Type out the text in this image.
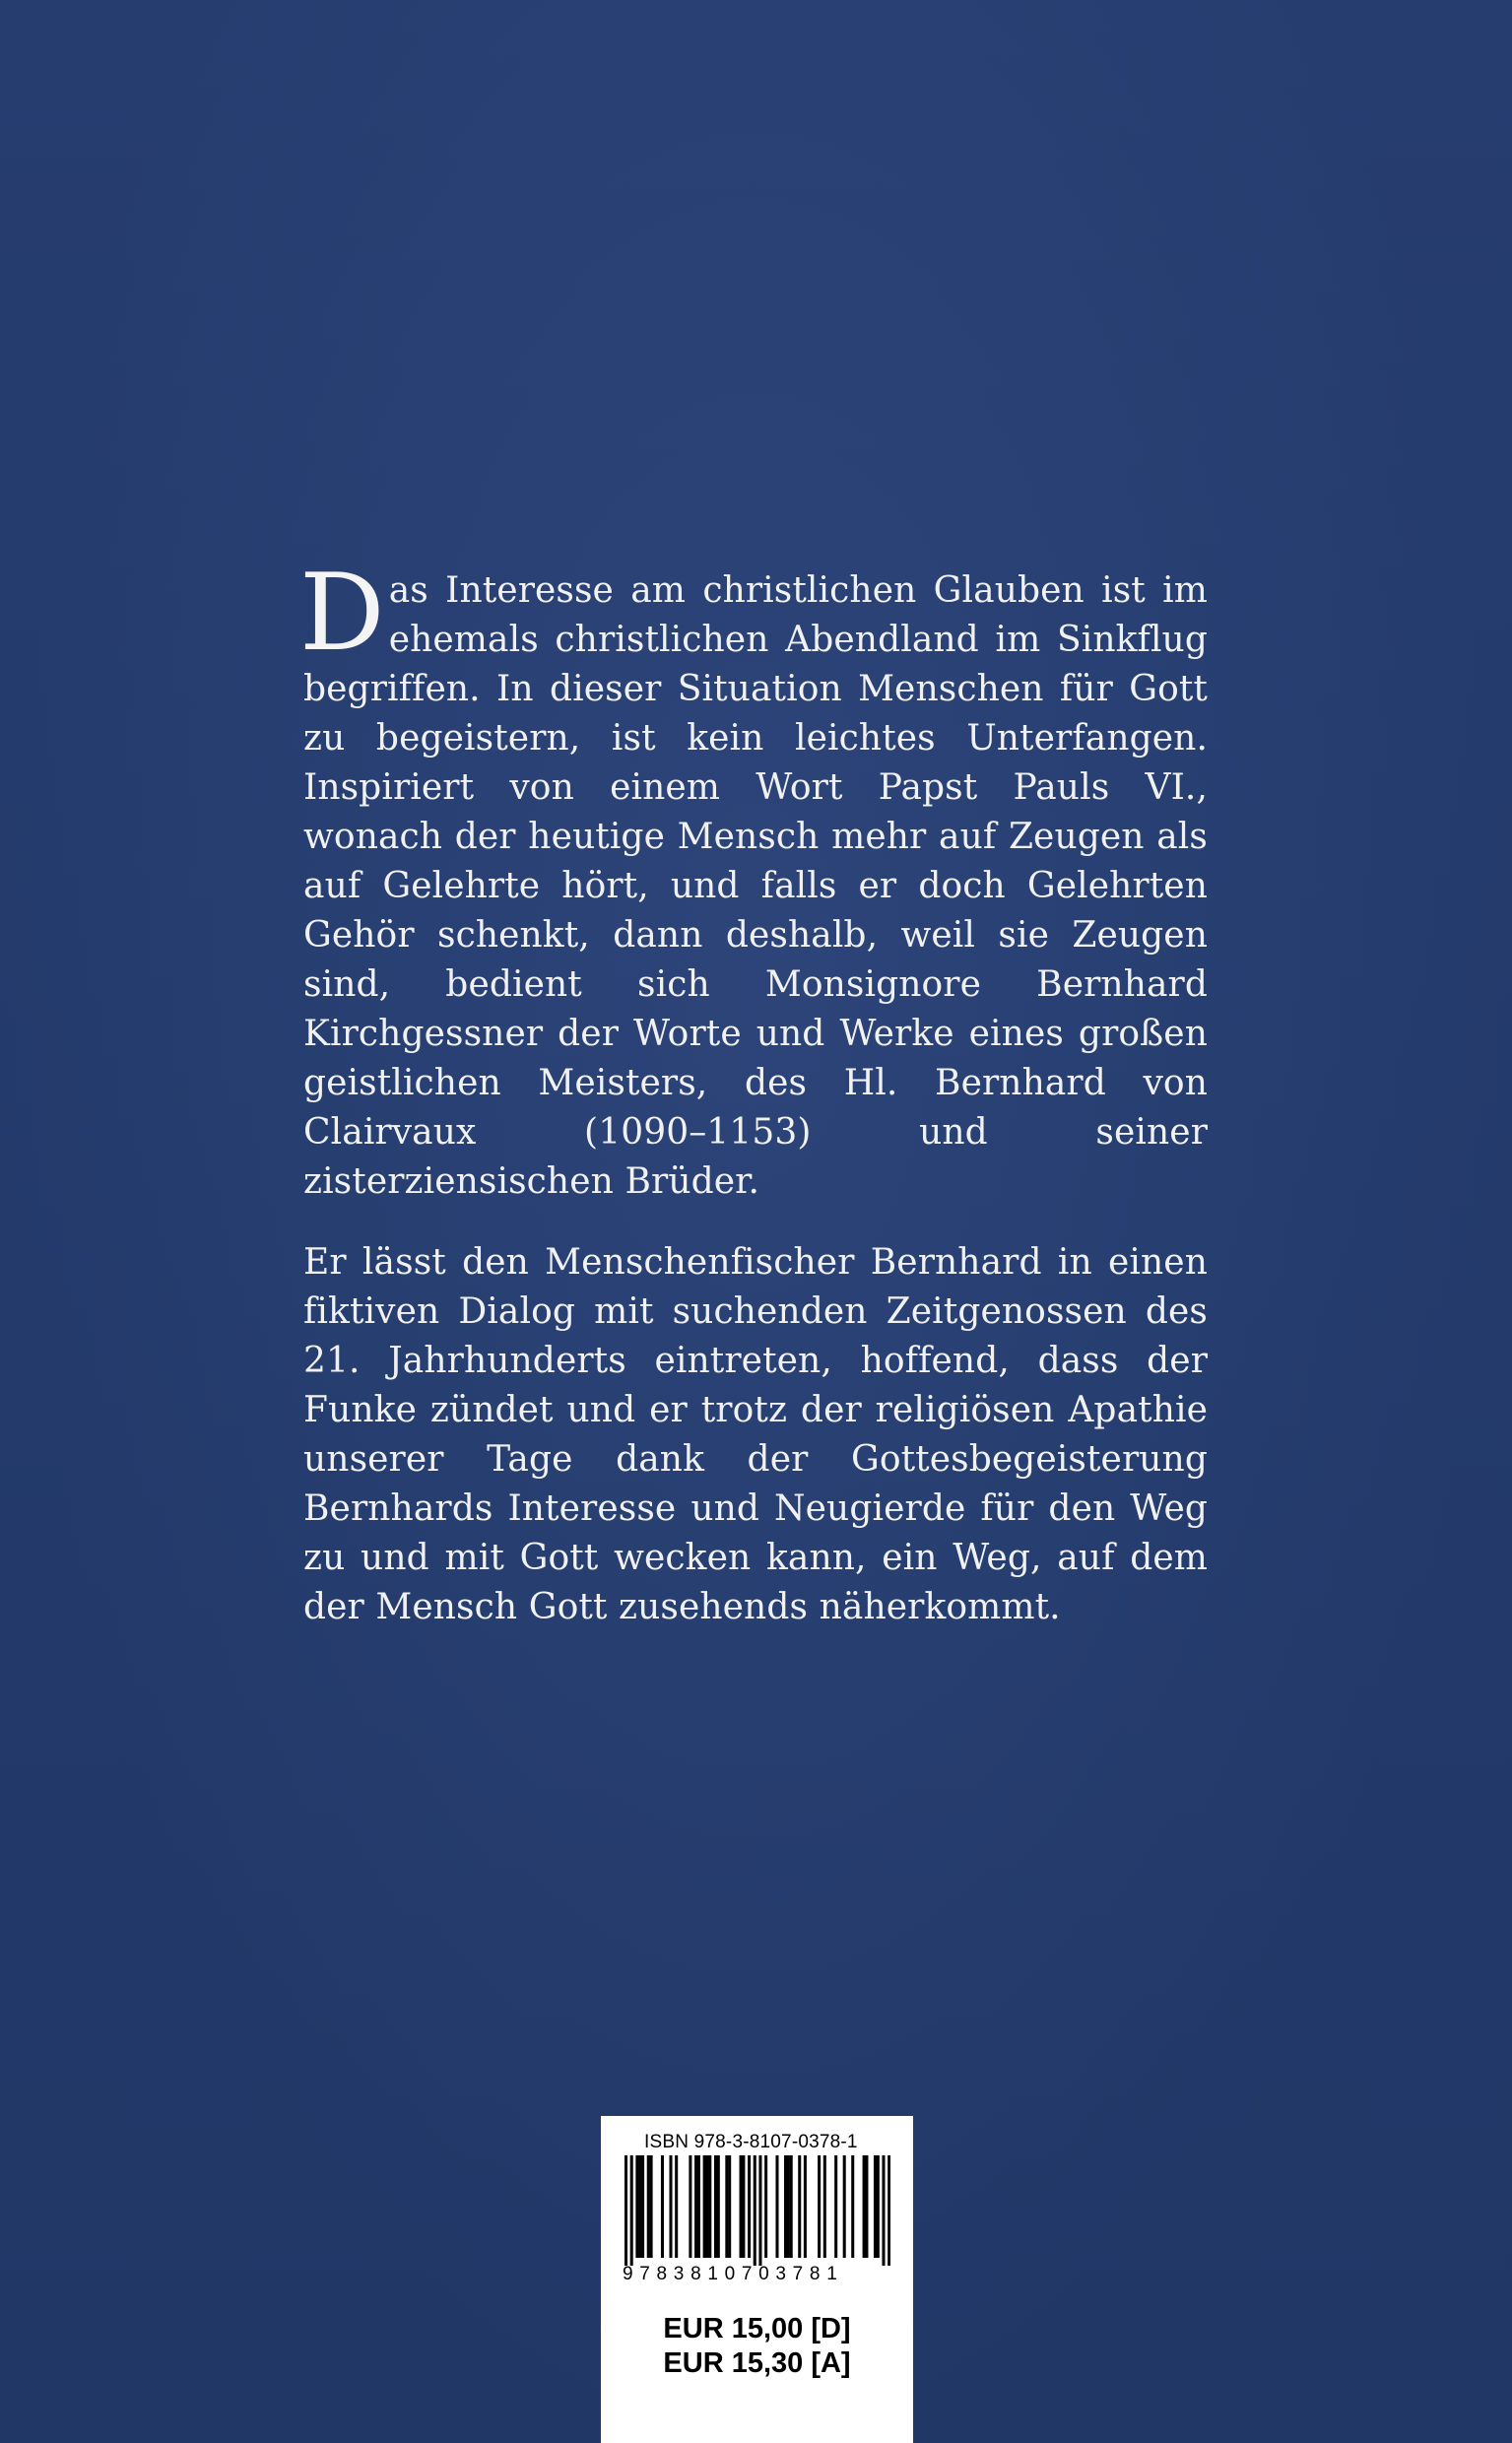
Das Interesse am christlichen Glauben ist im ehemals christlichen Abendland im Sinkflug begriffen. In dieser Situation Menschen für Gott zu begeistern, ist kein leichtes Unterfangen. Inspiriert von einem Wort Papst Pauls VI., wonach der heutige Mensch mehr auf Zeugen als auf Gelehrte hört, und falls er doch Gelehrten Gehör schenkt, dann deshalb, weil sie Zeugen sind, bedient sich Monsignore Bernhard Kirchgessner der Worte und Werke eines großen geistlichen Meisters, des Hl. Bernhard von Clairvaux (1090–1153) und seiner zisterziensischen Brüder.

Er lässt den Menschenfischer Bernhard in einen fiktiven Dialog mit suchenden Zeitgenossen des 21. Jahrhunderts eintreten, hoffend, dass der Funke zündet und er trotz der religiösen Apathie unserer Tage dank der Gottesbegeisterung Bernhards Interesse und Neugierde für den Weg zu und mit Gott wecken kann, ein Weg, auf dem der Mensch Gott zusehends näherkommt.

ISBN 978-3-8107-0378-1
9783810703781
EUR 15,00 [D]
EUR 15,30 [A]
